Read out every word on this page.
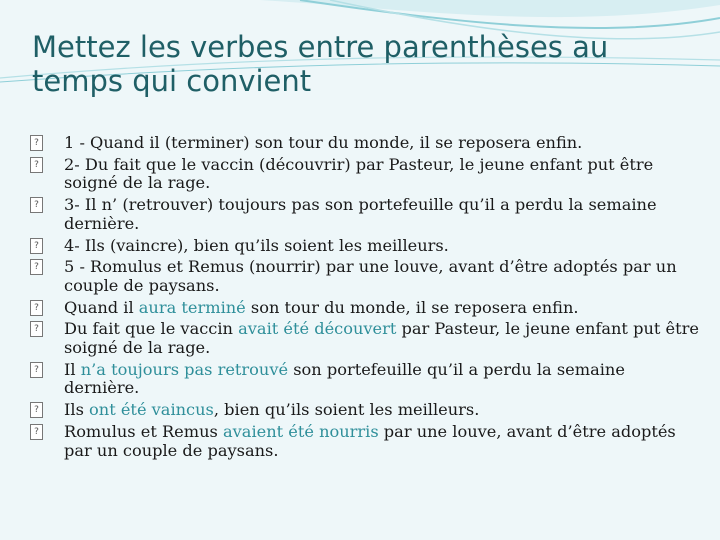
Mettez les verbes entre parenthèses au temps qui convient
? 1 - Quand il (terminer) son tour du monde, il se reposera enfin.
? 2- Du fait que le vaccin (découvrir) par Pasteur, le jeune enfant put être soigné de la rage.
? 3- Il n’ (retrouver) toujours pas son portefeuille qu’il a perdu la semaine dernière.
? 4- Ils (vaincre), bien qu’ils soient les meilleurs.
? 5 - Romulus et Remus (nourrir) par une louve, avant d’être adoptés par un couple de paysans.
? Quand il aura terminé son tour du monde, il se reposera enfin.
? Du fait que le vaccin avait été découvert par Pasteur, le jeune enfant put être soigné de la rage.
? Il n’a toujours pas retrouvé son portefeuille qu’il a perdu la semaine dernière.
? Ils ont été vaincus, bien qu’ils soient les meilleurs.
? Romulus et Remus avaient été nourris par une louve, avant d’être adoptés par un couple de paysans.
